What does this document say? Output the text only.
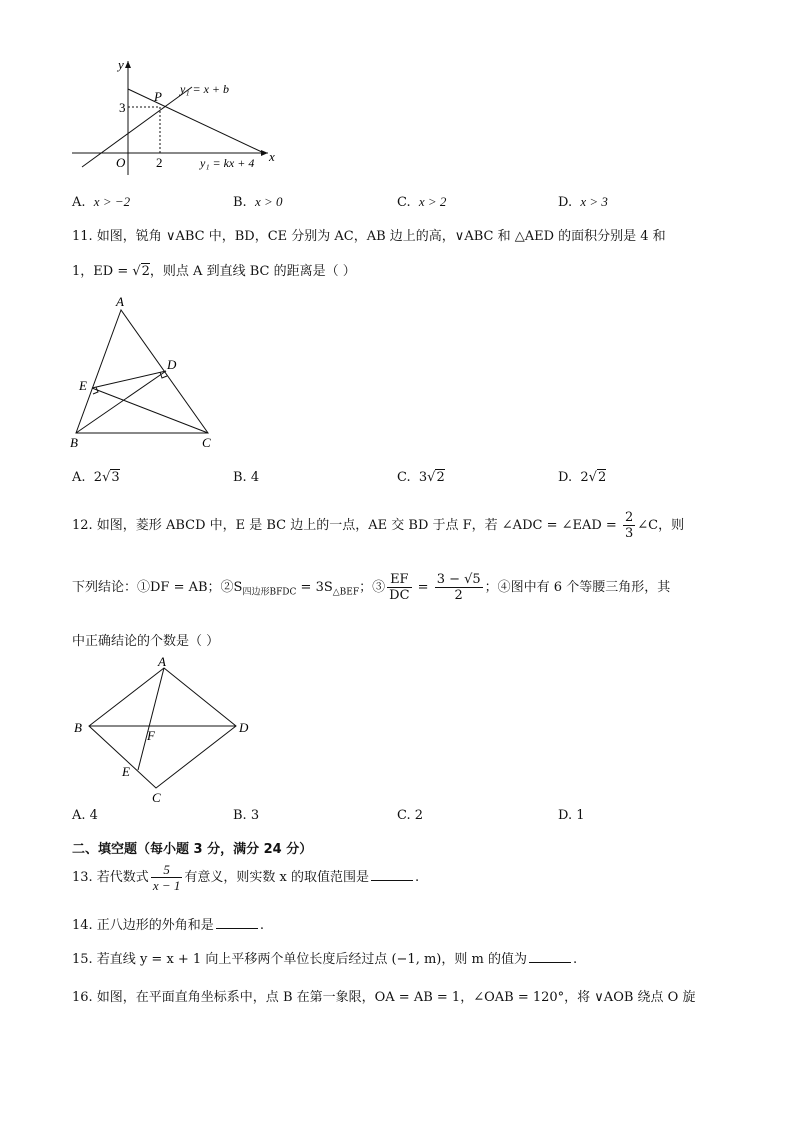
x
y
O
P
2
3
y₁ = x + b
y₁ = kx + 4
A. x > −2	B. x > 0	C. x > 2	D. x > 3
11. 如图，锐角 ∨ABC 中，BD，CE 分别为 AC，AB 边上的高，∨ABC 和 △AED 的面积分别是 4 和
1，ED = √2，则点 A 到直线 BC 的距离是（ ）
A
B	C
D
E
A. 2√3	B. 4	C. 3√2	D. 2√2
12. 如图，菱形 ABCD 中，E 是 BC 边上的一点，AE 交 BD 于点 F，若 ∠ADC = ∠EAD = $\frac{2}{3}$ ∠C，则
下列结论：①DF = AB；$②S_{四边形BFDC} = 3S_{\triangle BEF}$；③ $\frac{EF}{DC} = \frac{3 - √5}{2}$ ；④图中有 6 个等腰三角形，其
中正确结论的个数是（ ）
A
B
C
D
E
F
A. 4	B. 3	C. 2	D. 1
二、填空题（每小题 3 分，满分 24 分）
13. 若代数式 $\frac{5}{x - 1}$ 有意义，则实数 x 的取值范围是	.
14. 正八边形的外角和是	.
15. 若直线 y = x + 1 向上平移两个单位长度后经过点 (−1, m)，则 m 的值为	.
16. 如图，在平面直角坐标系中，点 B 在第一象限，OA = AB = 1，∠OAB = 120°，将 ∨AOB 绕点 O 旋
